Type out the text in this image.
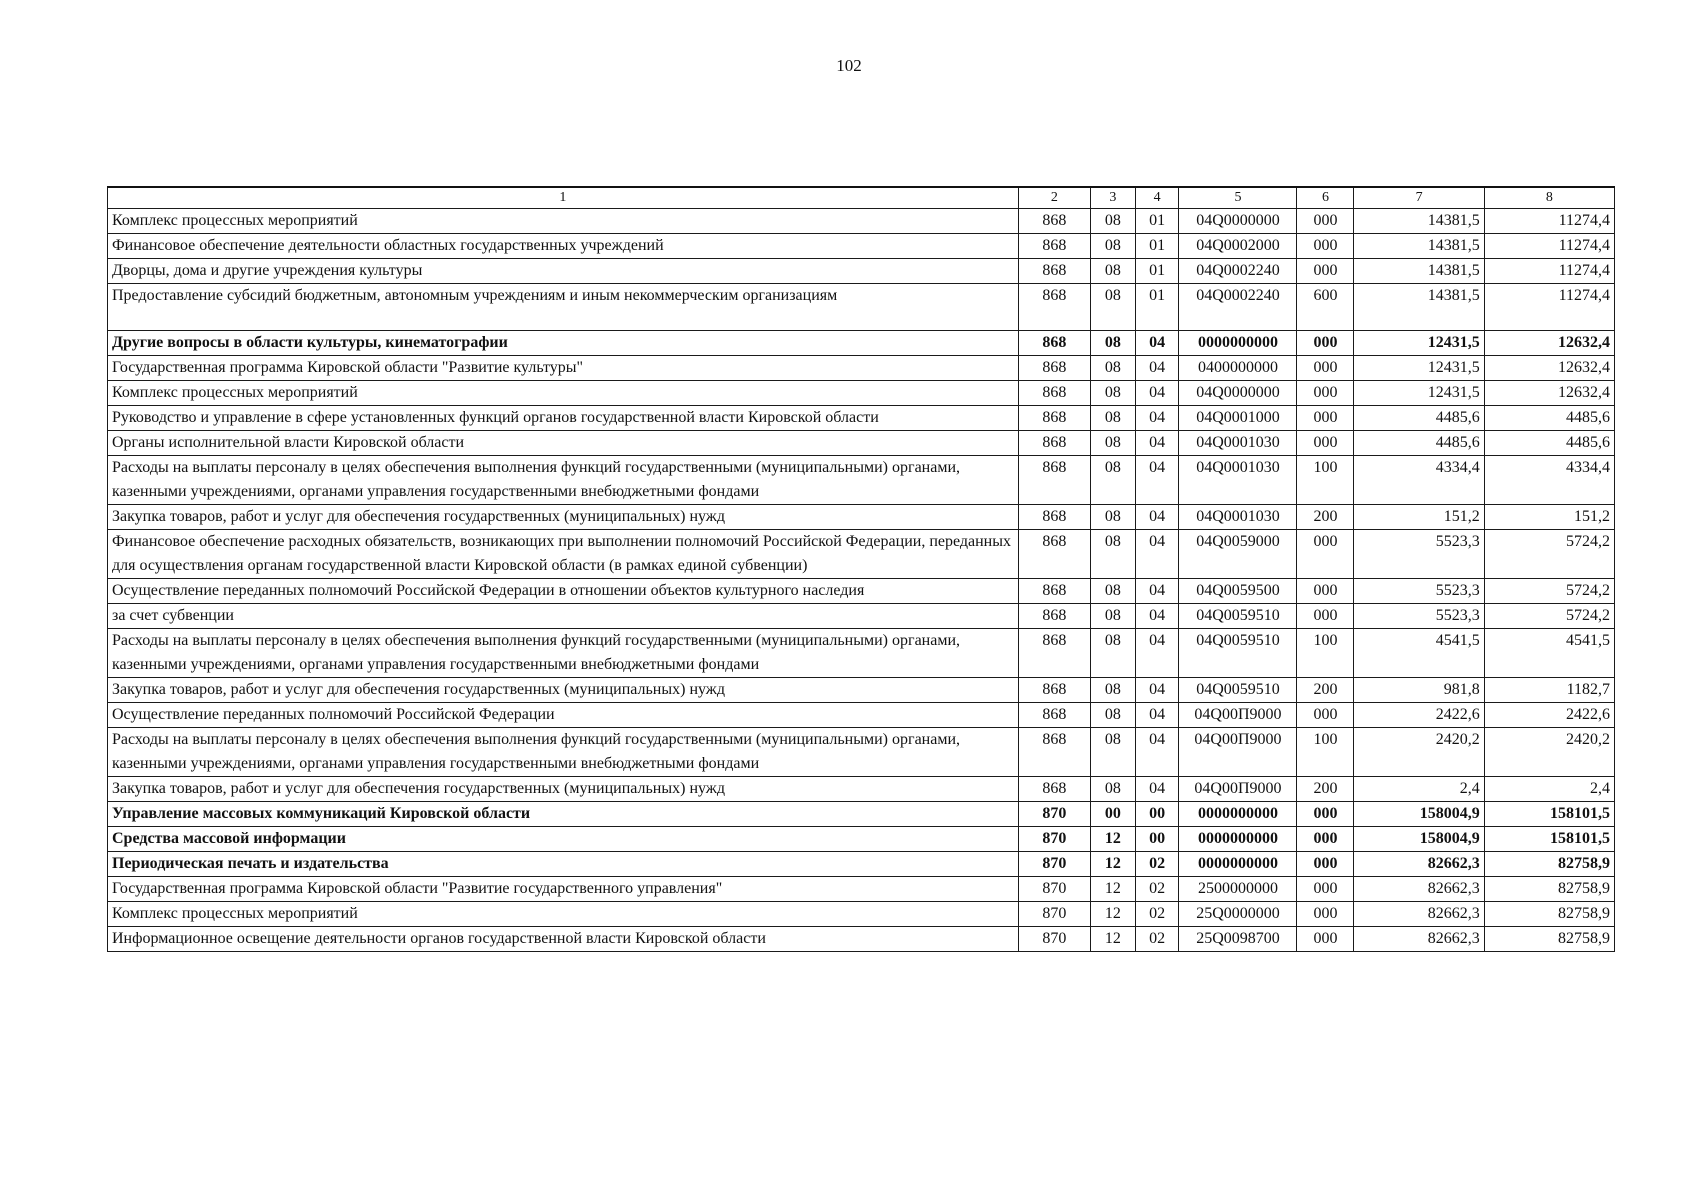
102
1	2	3	4	5	6	7	8
Комплекс процессных мероприятий	868	08	01	04Q0000000	000	14381,5	11274,4
Финансовое обеспечение деятельности областных государственных учреждений	868	08	01	04Q0002000	000	14381,5	11274,4
Дворцы, дома и другие учреждения культуры	868	08	01	04Q0002240	000	14381,5	11274,4
Предоставление субсидий бюджетным, автономным учреждениям и иным некоммерческим организациям	868	08	01	04Q0002240	600	14381,5	11274,4
Другие вопросы в области культуры, кинематографии	868	08	04	0000000000	000	12431,5	12632,4
Государственная программа Кировской области "Развитие культуры"	868	08	04	0400000000	000	12431,5	12632,4
Комплекс процессных мероприятий	868	08	04	04Q0000000	000	12431,5	12632,4
Руководство и управление в сфере установленных функций органов государственной власти Кировской области	868	08	04	04Q0001000	000	4485,6	4485,6
Органы исполнительной власти Кировской области	868	08	04	04Q0001030	000	4485,6	4485,6
Расходы на выплаты персоналу в целях обеспечения выполнения функций государственными (муниципальными) органами, казенными учреждениями, органами управления государственными внебюджетными фондами	868	08	04	04Q0001030	100	4334,4	4334,4
Закупка товаров, работ и услуг для обеспечения государственных (муниципальных) нужд	868	08	04	04Q0001030	200	151,2	151,2
Финансовое обеспечение расходных обязательств, возникающих при выполнении полномочий Российской Федерации, переданных для осуществления органам государственной власти Кировской области (в рамках единой субвенции)	868	08	04	04Q0059000	000	5523,3	5724,2
Осуществление переданных полномочий Российской Федерации в отношении объектов культурного наследия	868	08	04	04Q0059500	000	5523,3	5724,2
за счет субвенции	868	08	04	04Q0059510	000	5523,3	5724,2
Расходы на выплаты персоналу в целях обеспечения выполнения функций государственными (муниципальными) органами, казенными учреждениями, органами управления государственными внебюджетными фондами	868	08	04	04Q0059510	100	4541,5	4541,5
Закупка товаров, работ и услуг для обеспечения государственных (муниципальных) нужд	868	08	04	04Q0059510	200	981,8	1182,7
Осуществление переданных полномочий Российской Федерации	868	08	04	04Q00П9000	000	2422,6	2422,6
Расходы на выплаты персоналу в целях обеспечения выполнения функций государственными (муниципальными) органами, казенными учреждениями, органами управления государственными внебюджетными фондами	868	08	04	04Q00П9000	100	2420,2	2420,2
Закупка товаров, работ и услуг для обеспечения государственных (муниципальных) нужд	868	08	04	04Q00П9000	200	2,4	2,4
Управление массовых коммуникаций Кировской области	870	00	00	0000000000	000	158004,9	158101,5
Средства массовой информации	870	12	00	0000000000	000	158004,9	158101,5
Периодическая печать и издательства	870	12	02	0000000000	000	82662,3	82758,9
Государственная программа Кировской области "Развитие государственного управления"	870	12	02	2500000000	000	82662,3	82758,9
Комплекс процессных мероприятий	870	12	02	25Q0000000	000	82662,3	82758,9
Информационное освещение деятельности органов государственной власти Кировской области	870	12	02	25Q0098700	000	82662,3	82758,9
